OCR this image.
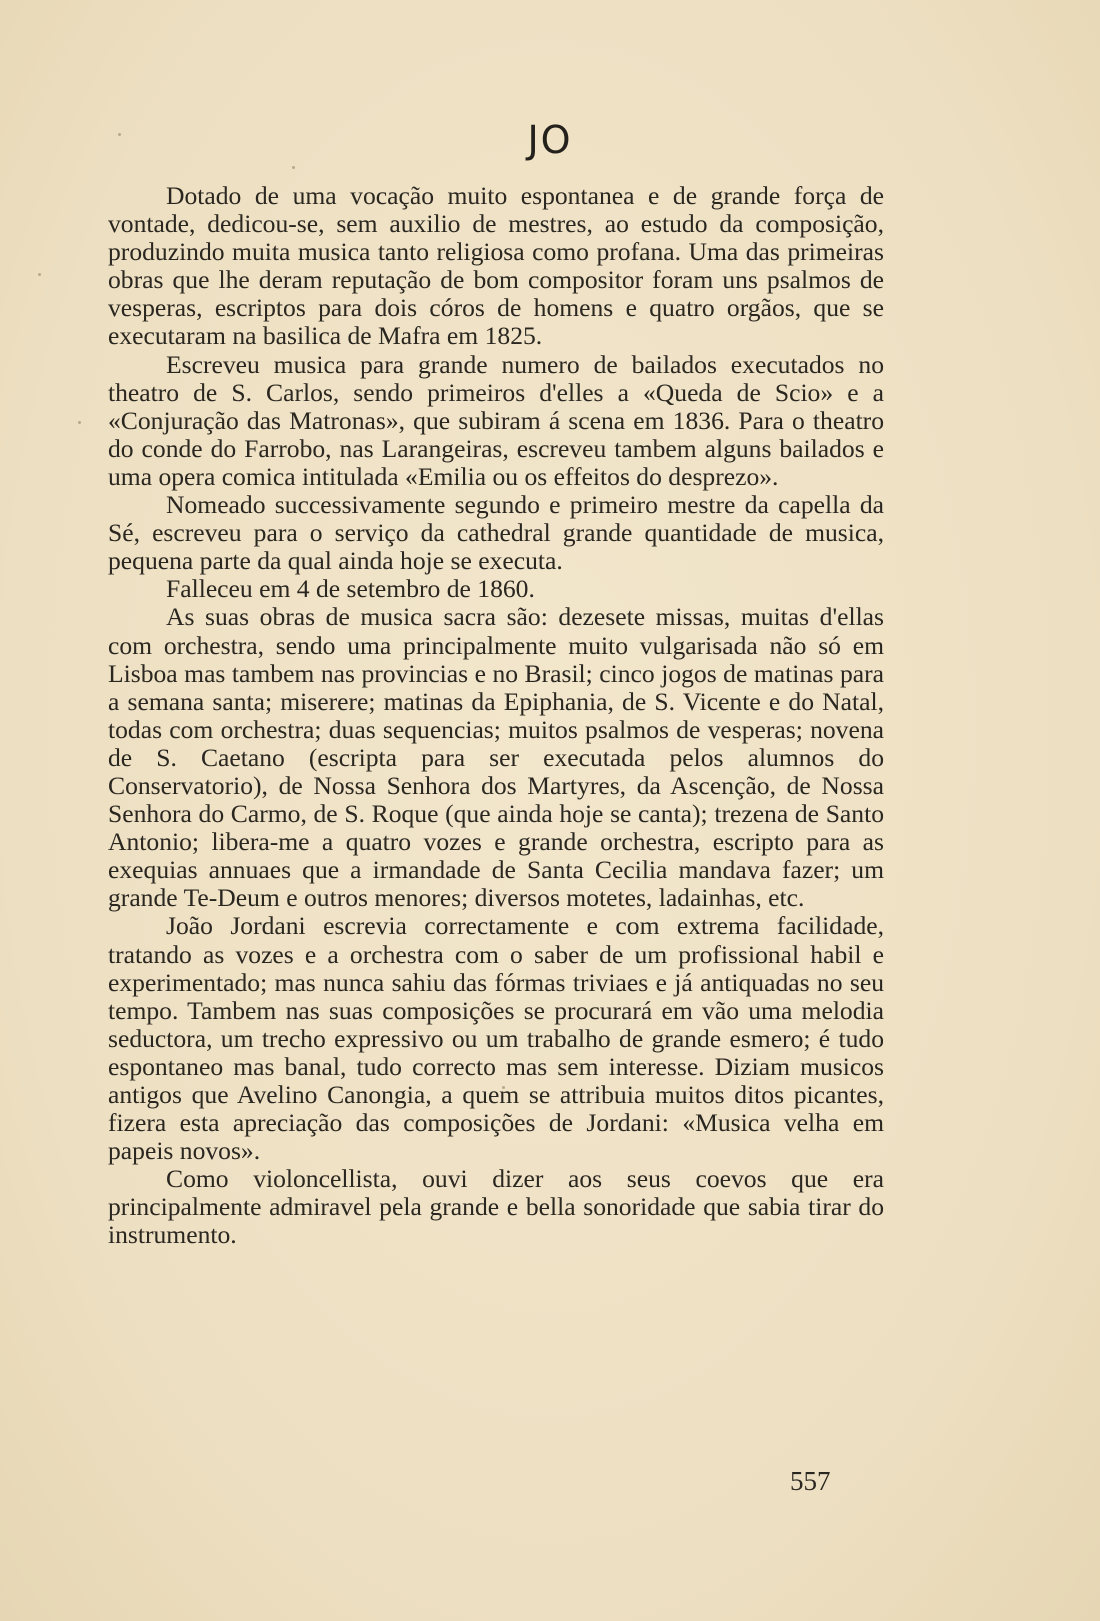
JO

Dotado de uma vocação muito espontanea e de grande força de vontade, dedicou-se, sem auxilio de mestres, ao estudo da composição, produzindo muita musica tanto religiosa como profana. Uma das primeiras obras que lhe deram reputação de bom compositor foram uns psalmos de vesperas, escriptos para dois córos de homens e quatro orgãos, que se executaram na basilica de Mafra em 1825.

Escreveu musica para grande numero de bailados executados no theatro de S. Carlos, sendo primeiros d'elles a «Queda de Scio» e a «Conjuração das Matronas», que subiram á scena em 1836. Para o theatro do conde do Farrobo, nas Larangeiras, escreveu tambem alguns bailados e uma opera comica intitulada «Emilia ou os effeitos do desprezo».

Nomeado successivamente segundo e primeiro mestre da capella da Sé, escreveu para o serviço da cathedral grande quantidade de musica, pequena parte da qual ainda hoje se executa.

Falleceu em 4 de setembro de 1860.

As suas obras de musica sacra são: dezesete missas, muitas d'ellas com orchestra, sendo uma principalmente muito vulgarisada não só em Lisboa mas tambem nas provincias e no Brasil; cinco jogos de matinas para a semana santa; miserere; matinas da Epiphania, de S. Vicente e do Natal, todas com orchestra; duas sequencias; muitos psalmos de vesperas; novena de S. Caetano (escripta para ser executada pelos alumnos do Conservatorio), de Nossa Senhora dos Martyres, da Ascenção, de Nossa Senhora do Carmo, de S. Roque (que ainda hoje se canta); trezena de Santo Antonio; libera-me a quatro vozes e grande orchestra, escripto para as exequias annuaes que a irmandade de Santa Cecilia mandava fazer; um grande Te-Deum e outros menores; diversos motetes, ladainhas, etc.

João Jordani escrevia correctamente e com extrema facilidade, tratando as vozes e a orchestra com o saber de um profissional habil e experimentado; mas nunca sahiu das fórmas triviaes e já antiquadas no seu tempo. Tambem nas suas composições se procurará em vão uma melodia seductora, um trecho expressivo ou um trabalho de grande esmero; é tudo espontaneo mas banal, tudo correcto mas sem interesse. Diziam musicos antigos que Avelino Canongia, a quem se attribuia muitos ditos picantes, fizera esta apreciação das composições de Jordani: «Musica velha em papeis novos».

Como violoncellista, ouvi dizer aos seus coevos que era principalmente admiravel pela grande e bella sonoridade que sabia tirar do instrumento.

557
